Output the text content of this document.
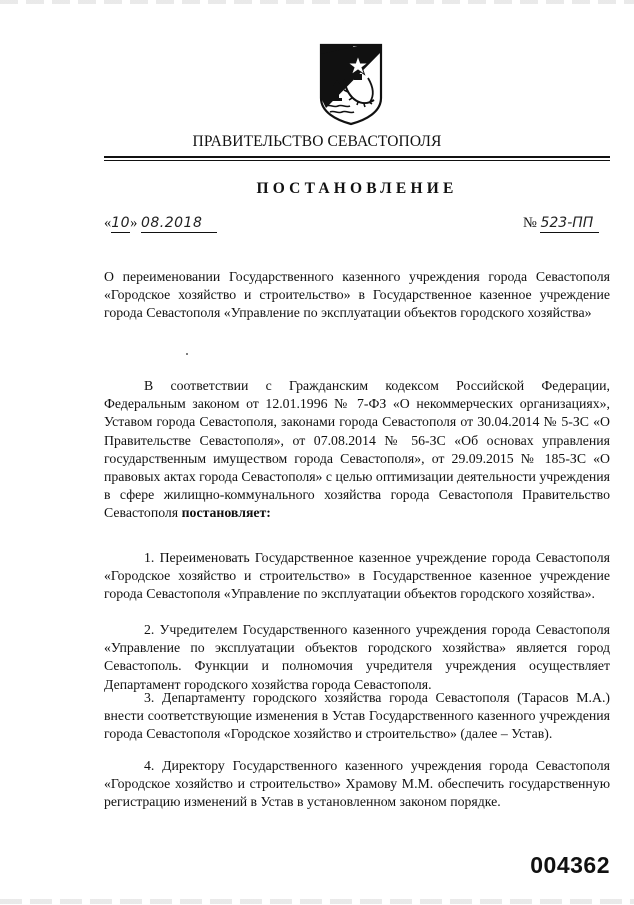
ПРАВИТЕЛЬСТВО СЕВАСТОПОЛЯ
ПОСТАНОВЛЕНИЕ
«10» 08.2018	№ 523-ПП
О переименовании Государственного казенного учреждения города Севастополя «Городское хозяйство и строительство» в Государственное казенное учреждение города Севастополя «Управление по эксплуатации объектов городского хозяйства»
В соответствии с Гражданским кодексом Российской Федерации, Федеральным законом от 12.01.1996 № 7-ФЗ «О некоммерческих организациях», Уставом города Севастополя, законами города Севастополя от 30.04.2014 № 5-ЗС «О Правительстве Севастополя», от 07.08.2014 № 56-ЗС «Об основах управления государственным имуществом города Севастополя», от 29.09.2015 № 185-ЗС «О правовых актах города Севастополя» с целью оптимизации деятельности учреждения в сфере жилищно-коммунального хозяйства города Севастополя Правительство Севастополя постановляет:
1. Переименовать Государственное казенное учреждение города Севастополя «Городское хозяйство и строительство» в Государственное казенное учреждение города Севастополя «Управление по эксплуатации объектов городского хозяйства».
2. Учредителем Государственного казенного учреждения города Севастополя «Управление по эксплуатации объектов городского хозяйства» является город Севастополь. Функции и полномочия учредителя учреждения осуществляет Департамент городского хозяйства города Севастополя.
3. Департаменту городского хозяйства города Севастополя (Тарасов М.А.) внести соответствующие изменения в Устав Государственного казенного учреждения города Севастополя «Городское хозяйство и строительство» (далее – Устав).
4. Директору Государственного казенного учреждения города Севастополя «Городское хозяйство и строительство» Храмову М.М. обеспечить государственную регистрацию изменений в Устав в установленном законом порядке.
004362
